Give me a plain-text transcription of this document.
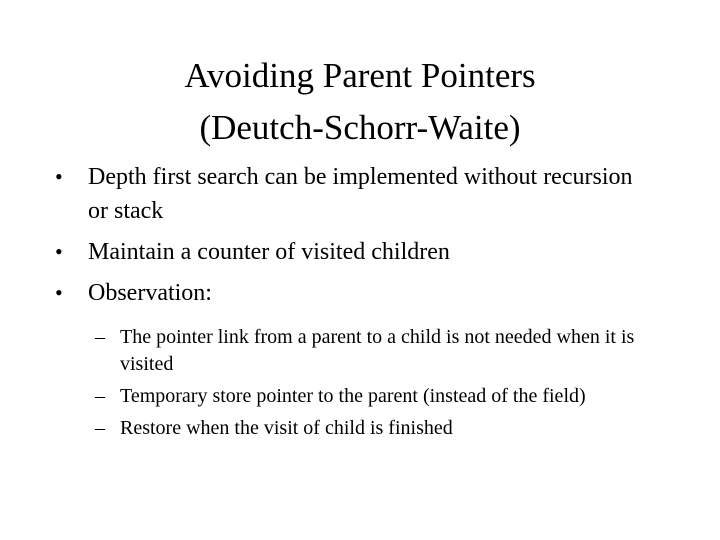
Avoiding Parent Pointers
(Deutch-Schorr-Waite)
• Depth first search can be implemented without recursion or stack
• Maintain a counter of visited children
• Observation:
– The pointer link from a parent to a child is not needed when it is visited
– Temporary store pointer to the parent (instead of the field)
– Restore when the visit of child is finished
